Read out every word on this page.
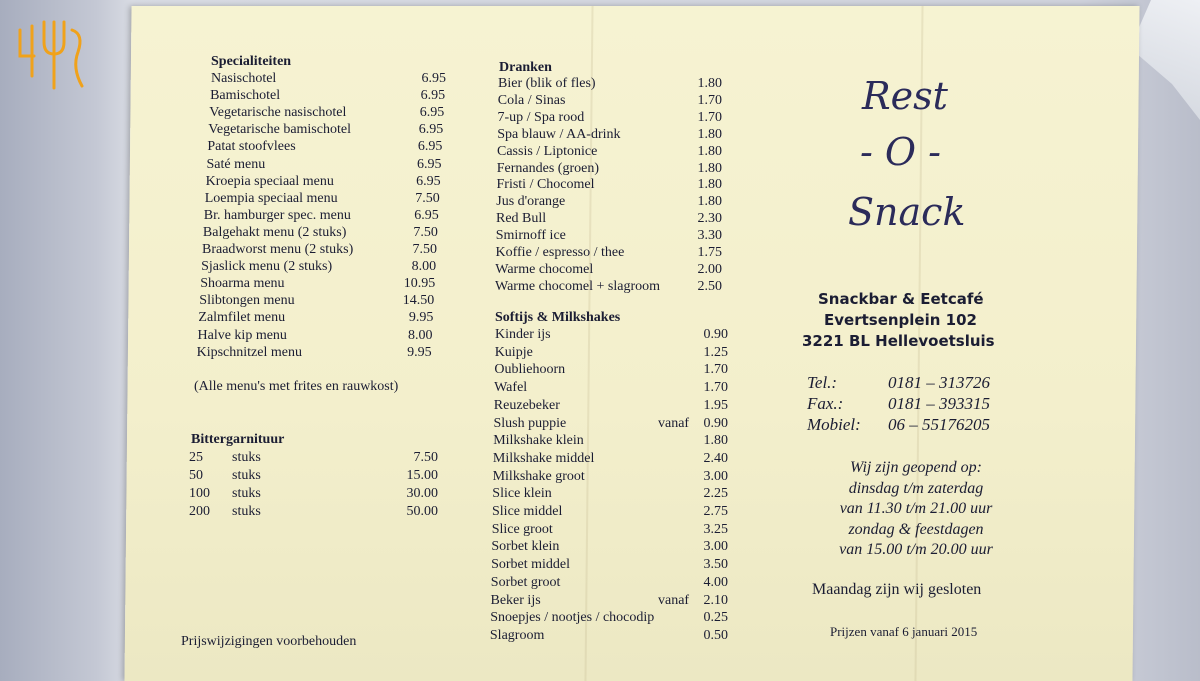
Specialiteiten
Nasischotel	6.95
Bamischotel	6.95
Vegetarische nasischotel	6.95
Vegetarische bamischotel	6.95
Patat stoofvlees	6.95
Saté menu	6.95
Kroepia speciaal menu	6.95
Loempia speciaal menu	7.50
Br. hamburger spec. menu	6.95
Balgehakt menu (2 stuks)	7.50
Braadworst menu (2 stuks)	7.50
Sjaslick menu (2 stuks)	8.00
Shoarma menu	10.95
Slibtongen menu	14.50
Zalmfilet menu	9.95
Halve kip menu	8.00
Kipschnitzel menu	9.95
(Alle menu's met frites en rauwkost)
Bittergarnituur
25 stuks	7.50
50 stuks	15.00
100 stuks	30.00
200 stuks	50.00
Prijswijzigingen voorbehouden
Dranken
Bier (blik of fles)	1.80
Cola / Sinas	1.70
7-up / Spa rood	1.70
Spa blauw / AA-drink	1.80
Cassis / Liptonice	1.80
Fernandes (groen)	1.80
Fristi / Chocomel	1.80
Jus d'orange	1.80
Red Bull	2.30
Smirnoff ice	3.30
Koffie / espresso / thee	1.75
Warme chocomel	2.00
Warme chocomel + slagroom	2.50
Softijs & Milkshakes
Kinder ijs	0.90
Kuipje	1.25
Oubliehoorn	1.70
Wafel	1.70
Reuzebeker	1.95
Slush puppie	vanaf	0.90
Milkshake klein	1.80
Milkshake middel	2.40
Milkshake groot	3.00
Slice klein	2.25
Slice middel	2.75
Slice groot	3.25
Sorbet klein	3.00
Sorbet middel	3.50
Sorbet groot	4.00
Beker ijs	vanaf	2.10
Snoepjes / nootjes / chocodip	0.25
Slagroom	0.50
Rest
- O -
Snack
Snackbar & Eetcafé
Evertsenplein 102
3221 BL Hellevoetsluis
Tel.:	0181 – 313726
Fax.:	0181 – 393315
Mobiel: 06 – 55176205
Wij zijn geopend op:
dinsdag t/m zaterdag
van 11.30 t/m 21.00 uur
zondag & feestdagen
van 15.00 t/m 20.00 uur
Maandag zijn wij gesloten
Prijzen vanaf 6 januari 2015
